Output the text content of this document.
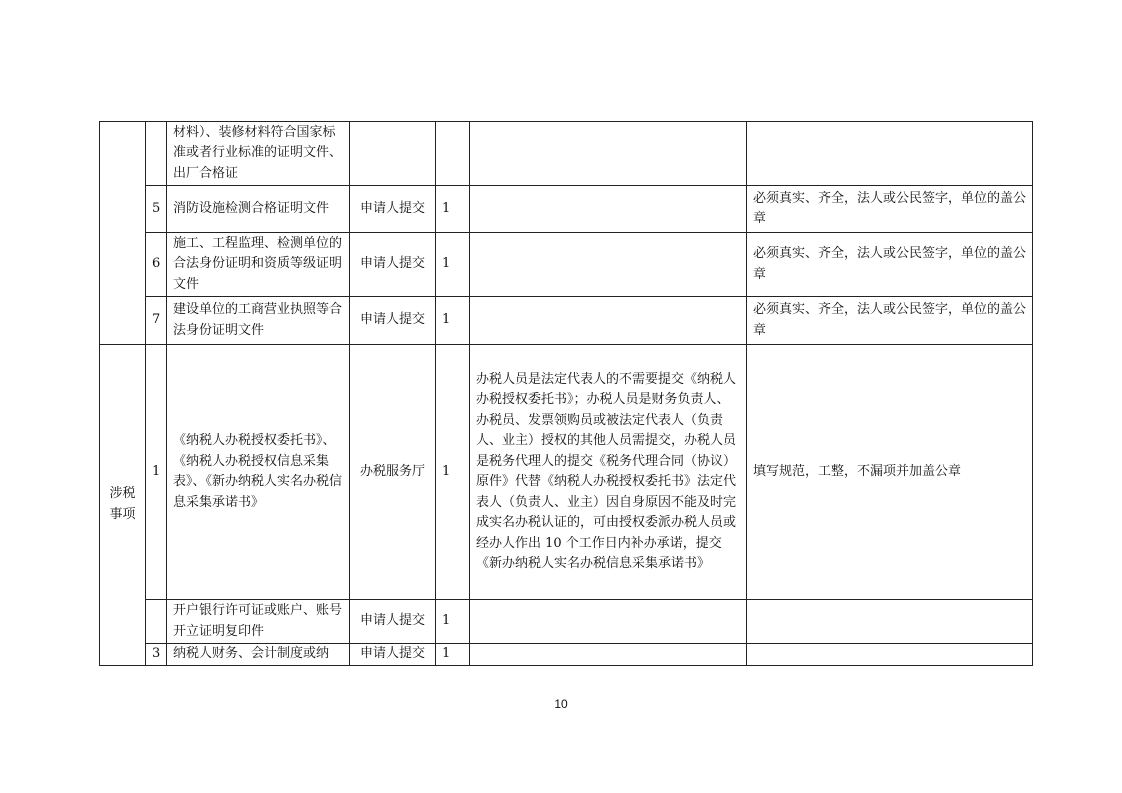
		材料）、装修材料符合国家标准或者行业标准的证明文件、出厂合格证				
	5	消防设施检测合格证明文件	申请人提交	1		必须真实、齐全，法人或公民签字，单位的盖公章
	6	施工、工程监理、检测单位的合法身份证明和资质等级证明文件	申请人提交	1		必须真实、齐全，法人或公民签字，单位的盖公章
	7	建设单位的工商营业执照等合法身份证明文件	申请人提交	1		必须真实、齐全，法人或公民签字，单位的盖公章
涉税事项	1	《纳税人办税授权委托书》、《纳税人办税授权信息采集表》、《新办纳税人实名办税信息采集承诺书》	办税服务厅	1	办税人员是法定代表人的不需要提交《纳税人办税授权委托书》；办税人员是财务负责人、办税员、发票领购员或被法定代表人（负责人、业主）授权的其他人员需提交，办税人员是税务代理人的提交《税务代理合同（协议）原件》代替《纳税人办税授权委托书》法定代表人（负责人、业主）因自身原因不能及时完成实名办税认证的，可由授权委派办税人员或经办人作出 10 个工作日内补办承诺，提交《新办纳税人实名办税信息采集承诺书》	填写规范，工整，不漏项并加盖公章
		开户银行许可证或账户、账号开立证明复印件	申请人提交	1		
	3	纳税人财务、会计制度或纳	申请人提交	1		
10
